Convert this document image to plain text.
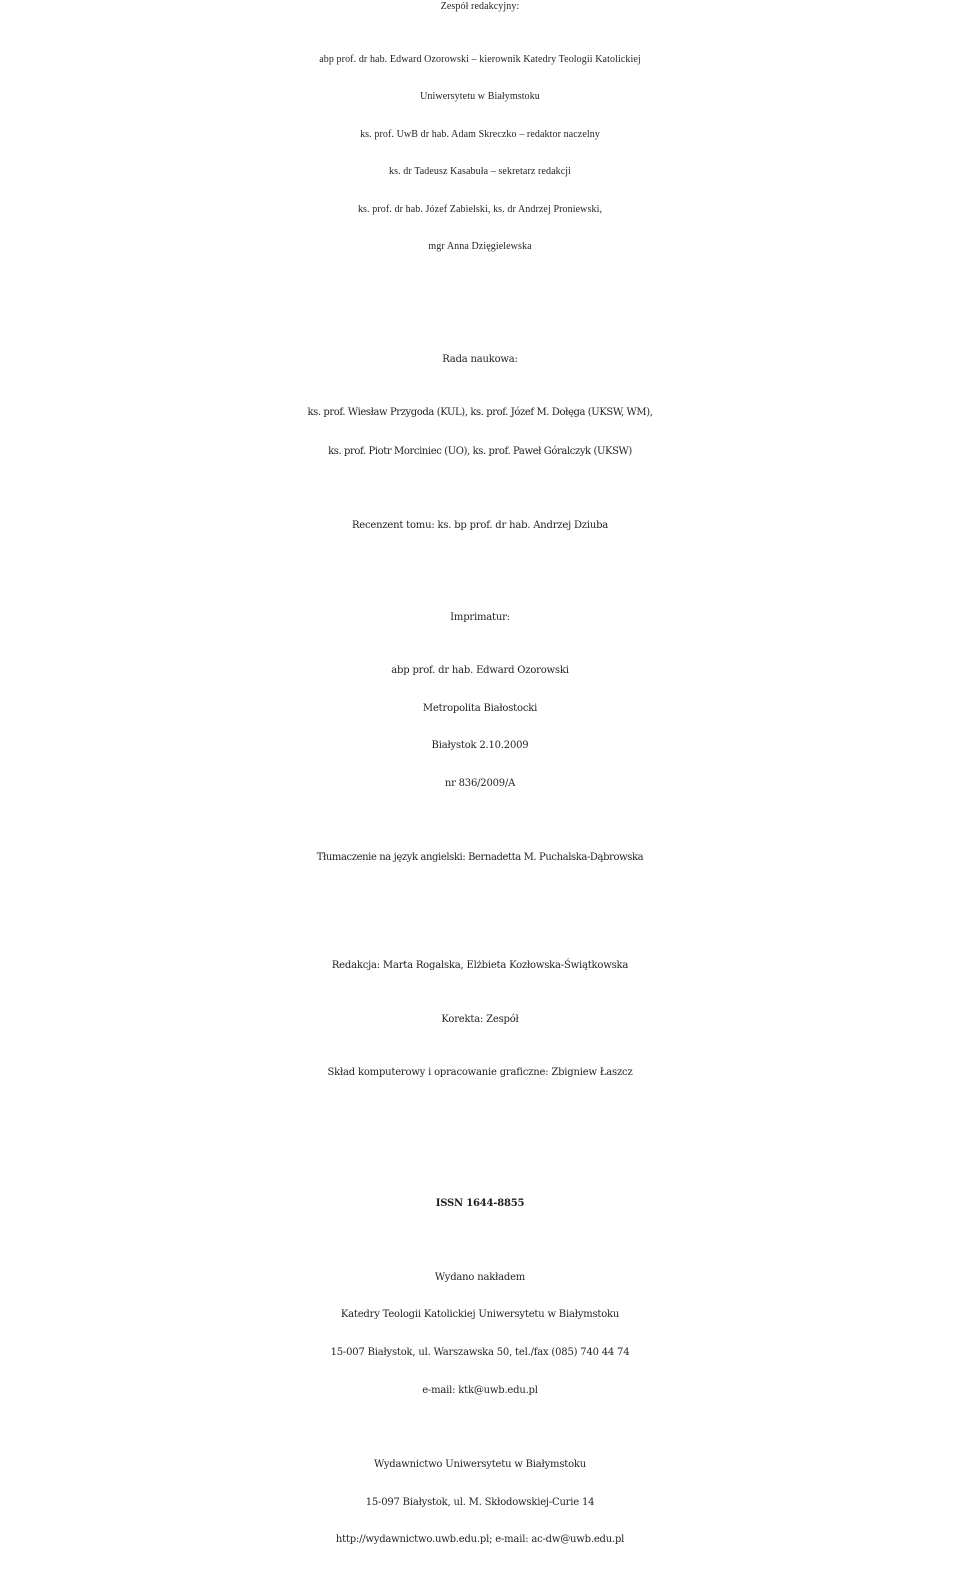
Zespół redakcyjny:
abp prof. dr hab. Edward Ozorowski – kierownik Katedry Teologii Katolickiej
Uniwersytetu w Białymstoku
ks. prof. UwB dr hab. Adam Skreczko – redaktor naczelny
ks. dr Tadeusz Kasabuła – sekretarz redakcji
ks. prof. dr hab. Józef Zabielski, ks. dr Andrzej Proniewski,
mgr Anna Dzięgielewska
Rada naukowa:
ks. prof. Wiesław Przygoda (KUL), ks. prof. Józef M. Dołęga (UKSW, WM),
ks. prof. Piotr Morciniec (UO), ks. prof. Paweł Góralczyk (UKSW)
Recenzent tomu: ks. bp prof. dr hab. Andrzej Dziuba
Imprimatur:
abp prof. dr hab. Edward Ozorowski
Metropolita Białostocki
Białystok 2.10.2009
nr 836/2009/A
Tłumaczenie na język angielski: Bernadetta M. Puchalska-Dąbrowska
Redakcja: Marta Rogalska, Elżbieta Kozłowska-Świątkowska
Korekta: Zespół
Skład komputerowy i opracowanie graficzne: Zbigniew Łaszcz
ISSN 1644-8855
Wydano nakładem
Katedry Teologii Katolickiej Uniwersytetu w Białymstoku
15-007 Białystok, ul. Warszawska 50, tel./fax (085) 740 44 74
e-mail: ktk@uwb.edu.pl
Wydawnictwo Uniwersytetu w Białymstoku
15-097 Białystok, ul. M. Skłodowskiej-Curie 14
http://wydawnictwo.uwb.edu.pl; e-mail: ac-dw@uwb.edu.pl
